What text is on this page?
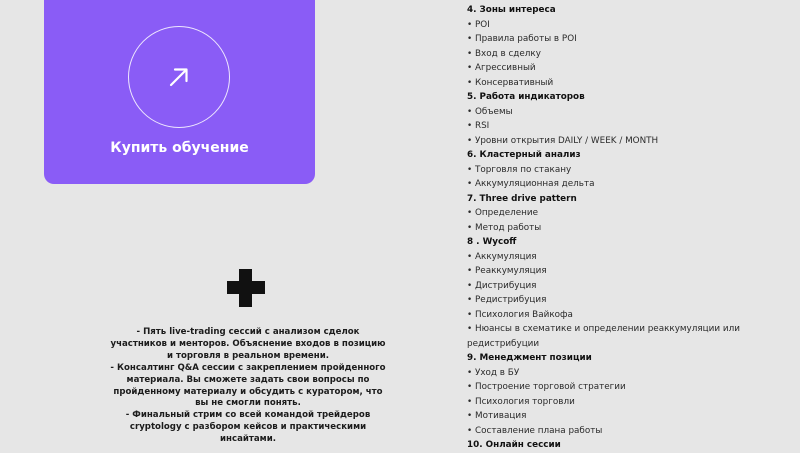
Купить обучение

- Пять live-trading сессий с анализом сделок участников и менторов. Объяснение входов в позицию и торговля в реальном времени.

- Консалтинг Q&A сессии с закреплением пройденного материала. Вы сможете задать свои вопросы по пройденному материалу и обсудить с куратором, что вы не смогли понять.

- Финальный стрим со всей командой трейдеров cryptology с разбором кейсов и практическими инсайтами.

4. Зоны интереса
• POI
• Правила работы в POI
• Вход в сделку
• Агрессивный
• Консервативный
5. Работа индикаторов
• Объемы
• RSI
• Уровни открытия DAILY / WEEK / MONTH
6. Кластерный анализ
• Торговля по стакану
• Аккумуляционная дельта
7. Three drive pattern
• Определение
• Метод работы
8 . Wycoff
• Аккумуляция
• Реаккумуляция
• Дистрибуция
• Редистрибуция
• Психология Вайкофа
• Нюансы в схематике и определении реаккумуляции или редистрибуции
9. Менеджмент позиции
• Уход в БУ
• Построение торговой стратегии
• Психология торговли
• Мотивация
• Составление плана работы
10. Онлайн сессии
